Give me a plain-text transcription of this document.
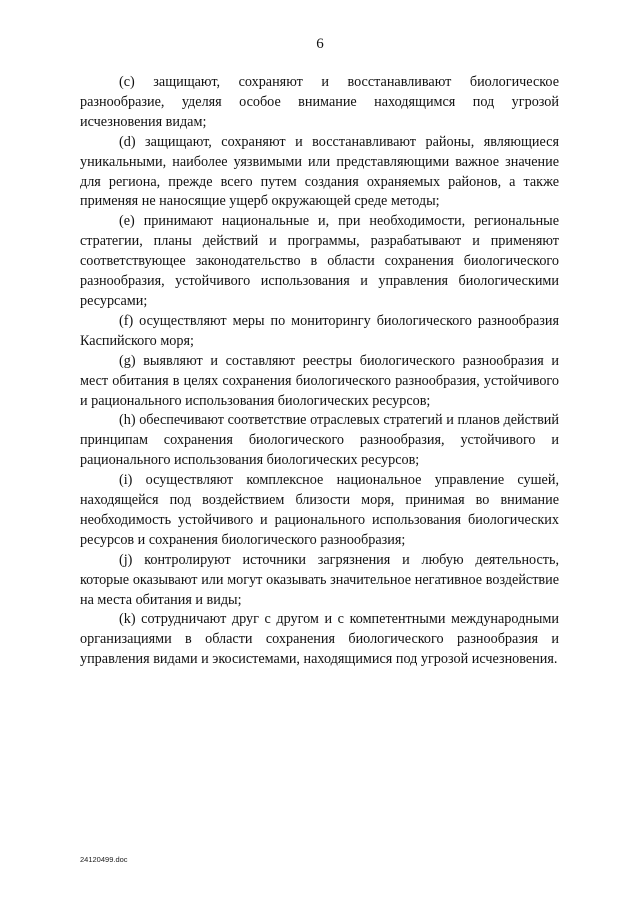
6

(c) защищают, сохраняют и восстанавливают биологическое разнообразие, уделяя особое внимание находящимся под угрозой исчезновения видам;

(d) защищают, сохраняют и восстанавливают районы, являющиеся уникальными, наиболее уязвимыми или представляющими важное значение для региона, прежде всего путем создания охраняемых районов, а также применяя не наносящие ущерб окружающей среде методы;

(e) принимают национальные и, при необходимости, региональные стратегии, планы действий и программы, разрабатывают и применяют соответствующее законодательство в области сохранения биологического разнообразия, устойчивого использования и управления биологическими ресурсами;

(f) осуществляют меры по мониторингу биологического разнообразия Каспийского моря;

(g) выявляют и составляют реестры биологического разнообразия и мест обитания в целях сохранения биологического разнообразия, устойчивого и рационального использования биологических ресурсов;

(h) обеспечивают соответствие отраслевых стратегий и планов действий принципам сохранения биологического разнообразия, устойчивого и рационального использования биологических ресурсов;

(i) осуществляют комплексное национальное управление сушей, находящейся под воздействием близости моря, принимая во внимание необходимость устойчивого и рационального использования биологических ресурсов и сохранения биологического разнообразия;

(j) контролируют источники загрязнения и любую деятельность, которые оказывают или могут оказывать значительное негативное воздействие на места обитания и виды;

(k) сотрудничают друг с другом и с компетентными международными организациями в области сохранения биологического разнообразия и управления видами и экосистемами, находящимися под угрозой исчезновения.

24120499.doc
